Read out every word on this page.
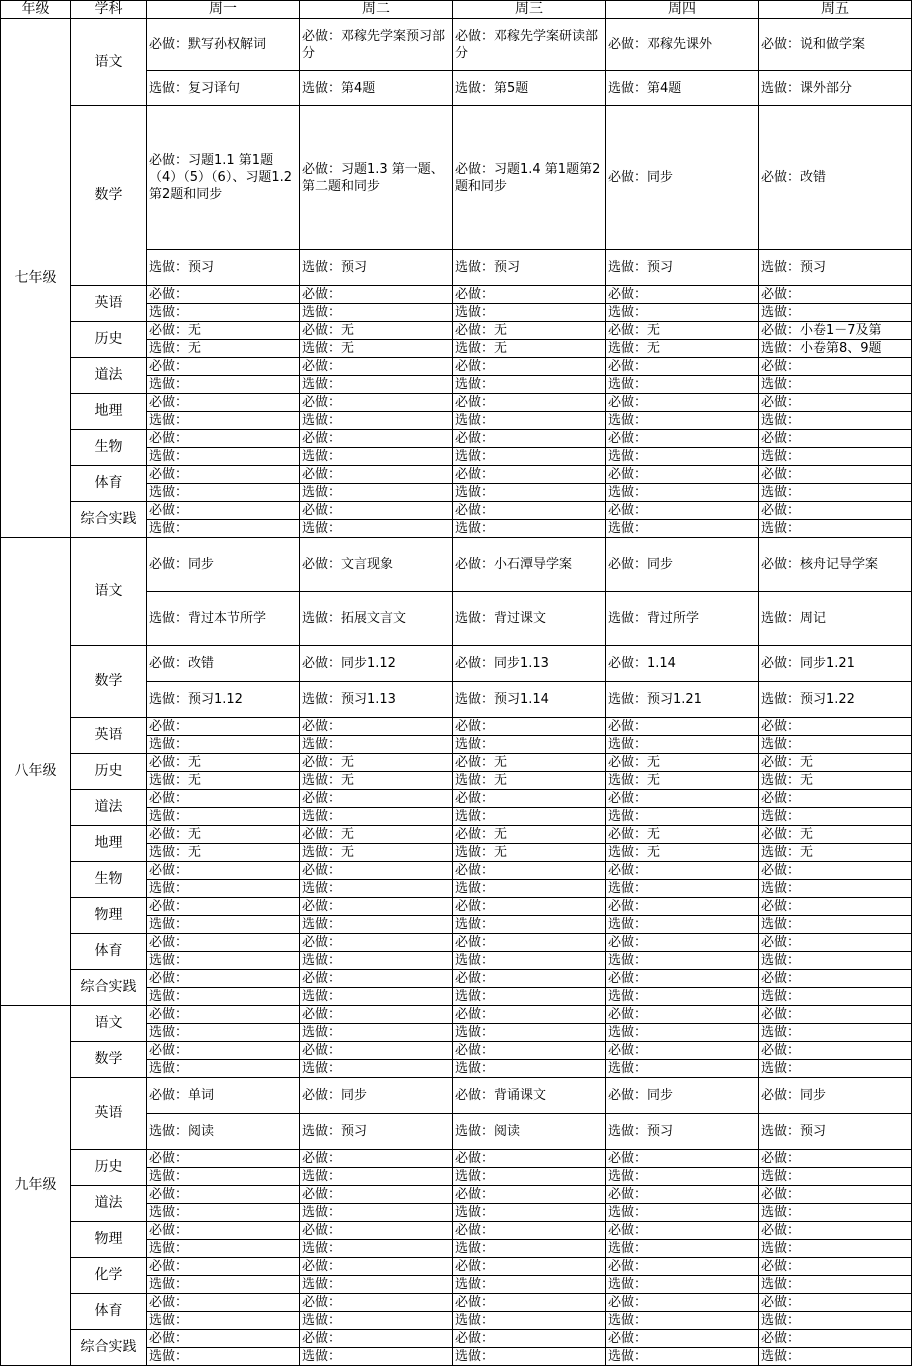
年级	学科	周一	周二	周三	周四	周五
七年级	语文	必做：默写孙权解词	必做：邓稼先学案预习部分	必做：邓稼先学案研读部分	必做：邓稼先课外	必做：说和做学案
		选做：复习译句	选做：第4题	选做：第5题	选做：第4题	选做：课外部分
	数学	必做：习题1.1 第1题（4）（5）（6）、习题1.2 第2题和同步	必做：习题1.3 第一题、第二题和同步	必做：习题1.4 第1题第2题和同步	必做：同步	必做：改错
		选做：预习	选做：预习	选做：预习	选做：预习	选做：预习
	英语	必做：	必做：	必做：	必做：	必做：
		选做：	选做：	选做：	选做：	选做：
	历史	必做：无	必做：无	必做：无	必做：无	必做：小卷1－7及第
		选做：无	选做：无	选做：无	选做：无	选做：小卷第8、9题
	道法	必做：	必做：	必做：	必做：	必做：
		选做：	选做：	选做：	选做：	选做：
	地理	必做：	必做：	必做：	必做：	必做：
		选做：	选做：	选做：	选做：	选做：
	生物	必做：	必做：	必做：	必做：	必做：
		选做：	选做：	选做：	选做：	选做：
	体育	必做：	必做：	必做：	必做：	必做：
		选做：	选做：	选做：	选做：	选做：
	综合实践	必做：	必做：	必做：	必做：	必做：
		选做：	选做：	选做：	选做：	选做：
八年级	语文	必做：同步	必做：文言现象	必做：小石潭导学案	必做：同步	必做：核舟记导学案
		选做：背过本节所学	选做：拓展文言文	选做：背过课文	选做：背过所学	选做：周记
	数学	必做：改错	必做：同步1.12	必做：同步1.13	必做：1.14	必做：同步1.21
		选做：预习1.12	选做：预习1.13	选做：预习1.14	选做：预习1.21	选做：预习1.22
	英语	必做：	必做：	必做：	必做：	必做：
		选做：	选做：	选做：	选做：	选做：
	历史	必做：无	必做：无	必做：无	必做：无	必做：无
		选做：无	选做：无	选做：无	选做：无	选做：无
	道法	必做：	必做：	必做：	必做：	必做：
		选做：	选做：	选做：	选做：	选做：
	地理	必做：无	必做：无	必做：无	必做：无	必做：无
		选做：无	选做：无	选做：无	选做：无	选做：无
	生物	必做：	必做：	必做：	必做：	必做：
		选做：	选做：	选做：	选做：	选做：
	物理	必做：	必做：	必做：	必做：	必做：
		选做：	选做：	选做：	选做：	选做：
	体育	必做：	必做：	必做：	必做：	必做：
		选做：	选做：	选做：	选做：	选做：
	综合实践	必做：	必做：	必做：	必做：	必做：
		选做：	选做：	选做：	选做：	选做：
九年级	语文	必做：	必做：	必做：	必做：	必做：
		选做：	选做：	选做：	选做：	选做：
	数学	必做：	必做：	必做：	必做：	必做：
		选做：	选做：	选做：	选做：	选做：
	英语	必做：单词	必做：同步	必做：背诵课文	必做：同步	必做：同步
		选做：阅读	选做：预习	选做：阅读	选做：预习	选做：预习
	历史	必做：	必做：	必做：	必做：	必做：
		选做：	选做：	选做：	选做：	选做：
	道法	必做：	必做：	必做：	必做：	必做：
		选做：	选做：	选做：	选做：	选做：
	物理	必做：	必做：	必做：	必做：	必做：
		选做：	选做：	选做：	选做：	选做：
	化学	必做：	必做：	必做：	必做：	必做：
		选做：	选做：	选做：	选做：	选做：
	体育	必做：	必做：	必做：	必做：	必做：
		选做：	选做：	选做：	选做：	选做：
	综合实践	必做：	必做：	必做：	必做：	必做：
		选做：	选做：	选做：	选做：	选做：
